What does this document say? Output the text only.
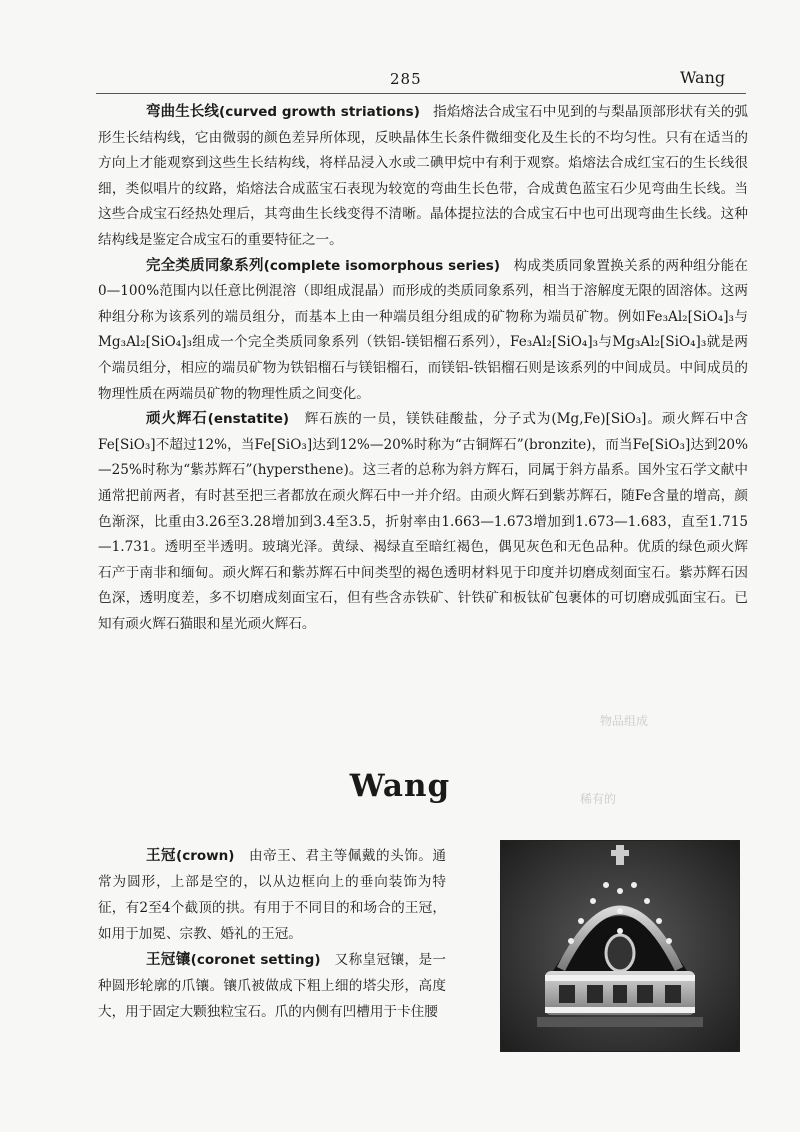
285	Wang

弯曲生长线(curved growth striations) 指焰熔法合成宝石中见到的与梨晶顶部形状有关的弧形生长结构线，它由微弱的颜色差异所体现，反映晶体生长条件微细变化及生长的不均匀性。只有在适当的方向上才能观察到这些生长结构线，将样品浸入水或二碘甲烷中有利于观察。焰熔法合成红宝石的生长线很细，类似唱片的纹路，焰熔法合成蓝宝石表现为较宽的弯曲生长色带，合成黄色蓝宝石少见弯曲生长线。当这些合成宝石经热处理后，其弯曲生长线变得不清晰。晶体提拉法的合成宝石中也可出现弯曲生长线。这种结构线是鉴定合成宝石的重要特征之一。

完全类质同象系列(complete isomorphous series) 构成类质同象置换关系的两种组分能在0—100%范围内以任意比例混溶（即组成混晶）而形成的类质同象系列，相当于溶解度无限的固溶体。这两种组分称为该系列的端员组分，而基本上由一种端员组分组成的矿物称为端员矿物。例如Fe₃Al₂[SiO₄]₃与Mg₃Al₂[SiO₄]₃组成一个完全类质同象系列（铁铝-镁铝榴石系列），Fe₃Al₂[SiO₄]₃与Mg₃Al₂[SiO₄]₃就是两个端员组分，相应的端员矿物为铁铝榴石与镁铝榴石，而镁铝-铁铝榴石则是该系列的中间成员。中间成员的物理性质在两端员矿物的物理性质之间变化。

顽火辉石(enstatite) 辉石族的一员，镁铁硅酸盐，分子式为(Mg,Fe)[SiO₃]。顽火辉石中含Fe[SiO₃]不超过12%，当Fe[SiO₃]达到12%—20%时称为“古铜辉石”(bronzite)，而当Fe[SiO₃]达到20%—25%时称为“紫苏辉石”(hypersthene)。这三者的总称为斜方辉石，同属于斜方晶系。国外宝石学文献中通常把前两者，有时甚至把三者都放在顽火辉石中一并介绍。由顽火辉石到紫苏辉石，随Fe含量的增高，颜色渐深，比重由3.26至3.28增加到3.4至3.5，折射率由1.663—1.673增加到1.673—1.683，直至1.715—1.731。透明至半透明。玻璃光泽。黄绿、褐绿直至暗红褐色，偶见灰色和无色品种。优质的绿色顽火辉石产于南非和缅甸。顽火辉石和紫苏辉石中间类型的褐色透明材料见于印度并切磨成刻面宝石。紫苏辉石因色深，透明度差，多不切磨成刻面宝石，但有些含赤铁矿、针铁矿和板钛矿包裹体的可切磨成弧面宝石。已知有顽火辉石猫眼和星光顽火辉石。

物品组成
稀有的
Wang

王冠(crown) 由帝王、君主等佩戴的头饰。通常为圆形，上部是空的，以从边框向上的垂向装饰为特征，有2至4个截顶的拱。有用于不同目的和场合的王冠，如用于加冕、宗教、婚礼的王冠。

王冠镶(coronet setting) 又称皇冠镶，是一种圆形轮廓的爪镶。镶爪被做成下粗上细的塔尖形，高度大，用于固定大颗独粒宝石。爪的内侧有凹槽用于卡住腰
